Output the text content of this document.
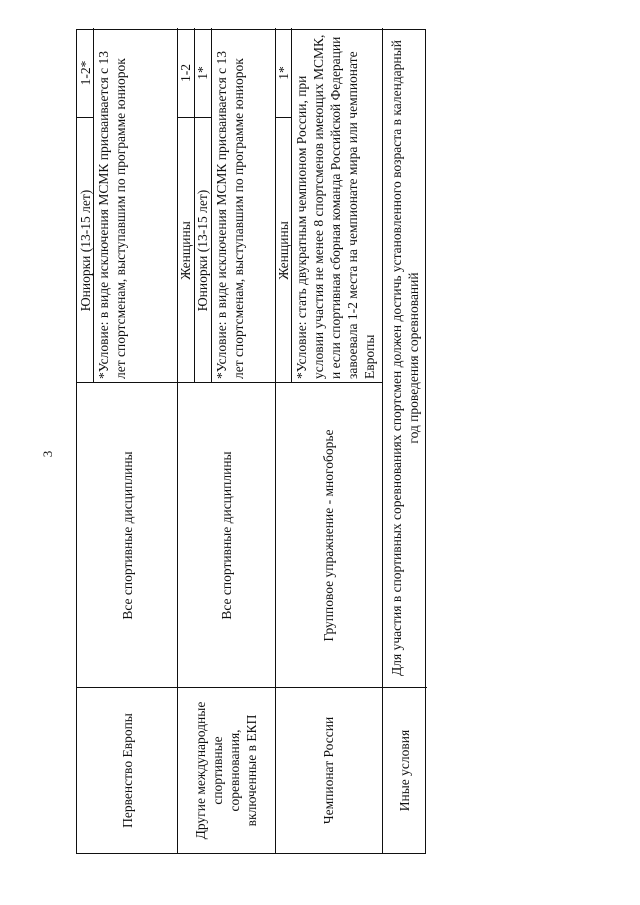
3
Первенство Европы
Все спортивные дисциплины
Юниорки (13-15 лет)
1-2* *Условие: в виде исключения МСМК присваивается с 13 лет спортсменам, выступавшим по программе юниорок
Другие международные спортивные соревнования, включенные в ЕКП
Все спортивные дисциплины
Женщины
1-2
Юниорки (13-15 лет)
1* *Условие: в виде исключения МСМК присваивается с 13 лет спортсменам, выступавшим по программе юниорок
Чемпионат России
Групповое упражнение - многоборье
Женщины
1*
*Условие: стать двукратным чемпионом России, при условии участия не менее 8 спортсменов имеющих МСМК, и если спортивная сборная команда Российской Федерации завоевала 1-2 места на чемпионате мира или чемпионате Европы
Иные условия
Для участия в спортивных соревнованиях спортсмен должен достичь установленного возраста в календарный год проведения соревнований
